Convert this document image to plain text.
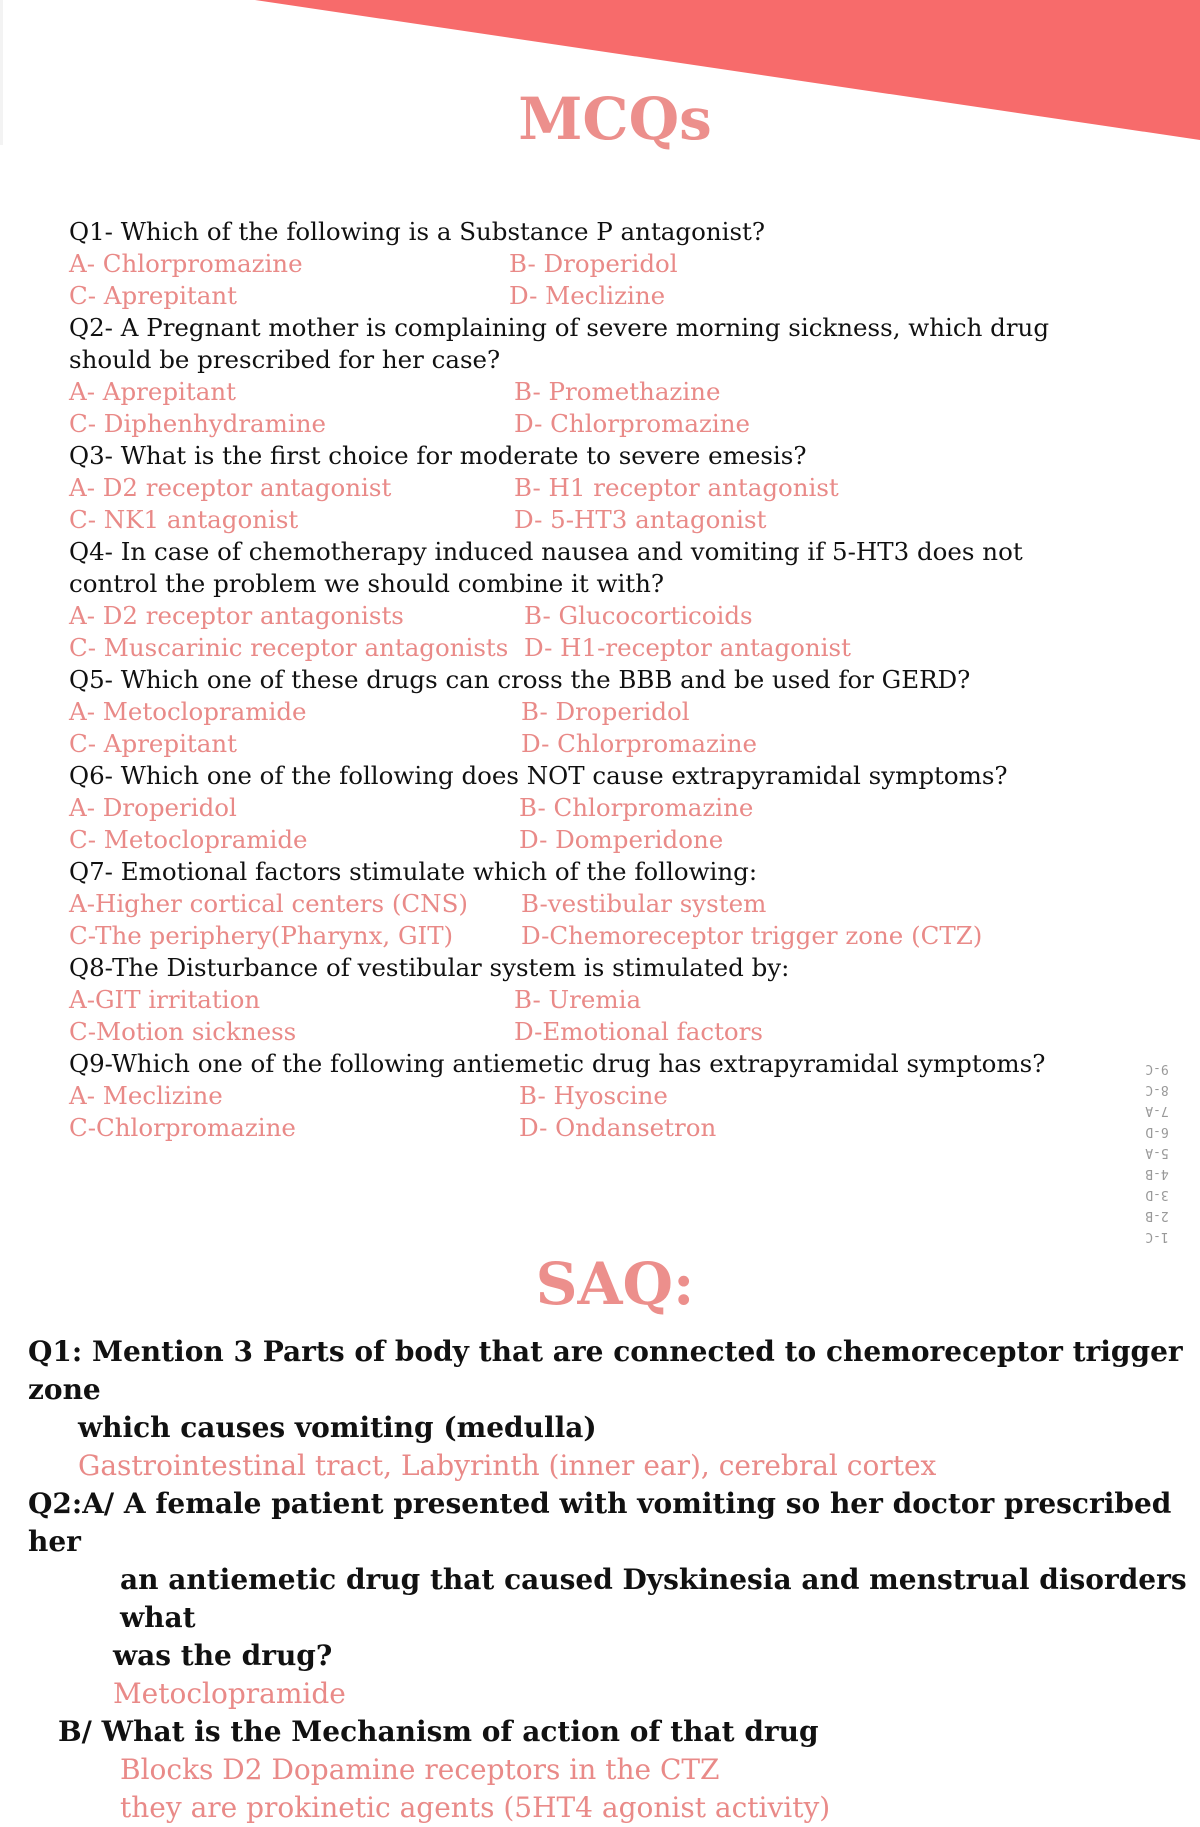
MCQs

Q1- Which of the following is a Substance P antagonist?

A- Chlorpromazine	B- Droperidol
C- Aprepitant	D- Meclizine

Q2- A Pregnant mother is complaining of severe morning sickness, which drug should be prescribed for her case?

A- Aprepitant	B- Promethazine
C- Diphenhydramine	D- Chlorpromazine

Q3- What is the first choice for moderate to severe emesis?

A- D2 receptor antagonist	B- H1 receptor antagonist
C- NK1 antagonist	D- 5-HT3 antagonist

Q4- In case of chemotherapy induced nausea and vomiting if 5-HT3 does not control the problem we should combine it with?

A- D2 receptor antagonists	B- Glucocorticoids
C- Muscarinic receptor antagonists D- H1-receptor antagonist

Q5- Which one of these drugs can cross the BBB and be used for GERD?

A- Metoclopramide	B- Droperidol
C- Aprepitant	D- Chlorpromazine

Q6- Which one of the following does NOT cause extrapyramidal symptoms?

A- Droperidol	B- Chlorpromazine
C- Metoclopramide	D- Domperidone

Q7- Emotional factors stimulate which of the following:

A-Higher cortical centers (CNS)	B-vestibular system
C-The periphery(Pharynx, GIT)	D-Chemoreceptor trigger zone (CTZ)

Q8-The Disturbance of vestibular system is stimulated by:

A-GIT irritation	B- Uremia
C-Motion sickness	D-Emotional factors

Q9-Which one of the following antiemetic drug has extrapyramidal symptoms?

A- Meclizine	B- Hyoscine
C-Chlorpromazine	D- Ondansetron
9-C
8-C
7-A
6-D
5-A
4-B
3-D
2-B
1-C
SAQ:

Q1: Mention 3 Parts of body that are connected to chemoreceptor trigger zone

which causes vomiting (medulla)

Gastrointestinal tract, Labyrinth (inner ear), cerebral cortex

Q2:A/ A female patient presented with vomiting so her doctor prescribed her

an antiemetic drug that caused Dyskinesia and menstrual disorders what

was the drug?

Metoclopramide

B/ What is the Mechanism of action of that drug

Blocks D2 Dopamine receptors in the CTZ

they are prokinetic agents (5HT4 agonist activity)
